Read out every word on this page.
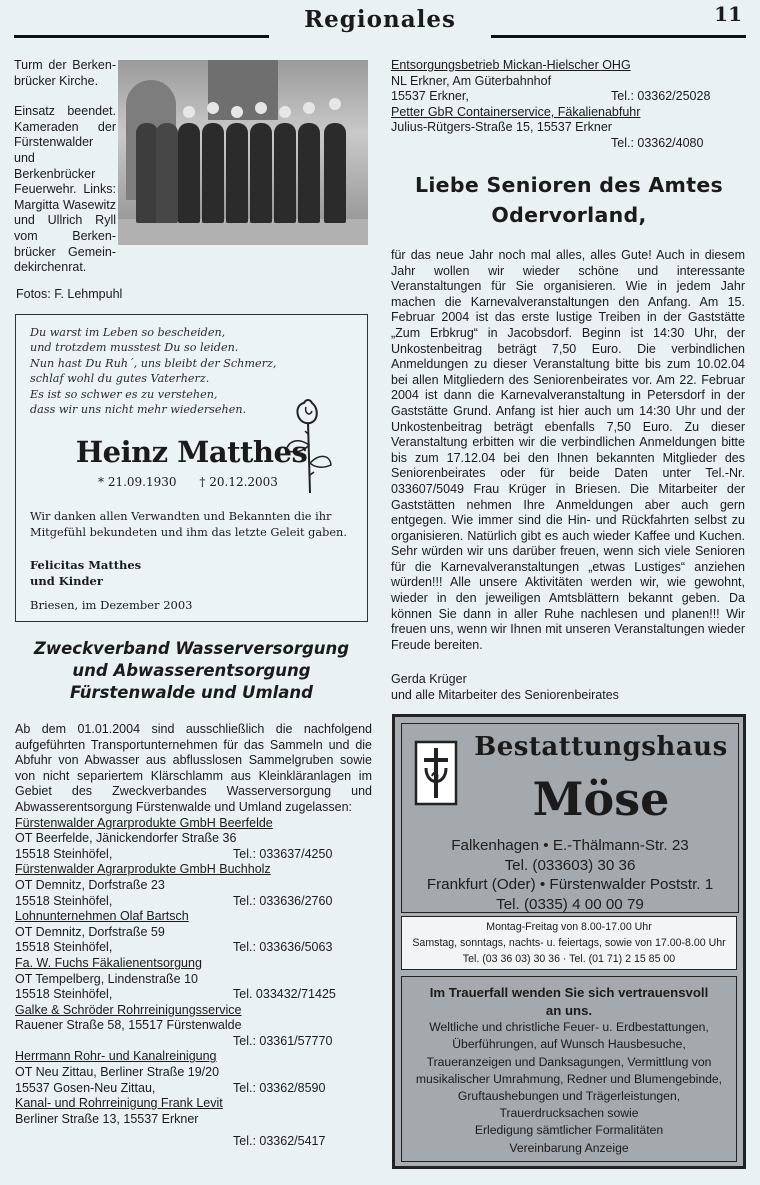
Regionales	11

Turm der Berken-brücker Kirche.

Einsatz beendet. Kameraden der Fürstenwalder und Berkenbrücker Feuerwehr. Links: Margitta Wasewitz und Ullrich Ryll vom Berken-brücker Gemein-dekirchenrat.

Fotos: F. Lehmpuhl
Du warst im Leben so bescheiden,
und trotzdem musstest Du so leiden.
Nun hast Du Ruh´, uns bleibt der Schmerz,
schlaf wohl du gutes Vaterherz.
Es ist so schwer es zu verstehen,
dass wir uns nicht mehr wiedersehen.
Heinz Matthes
* 21.09.1930 † 20.12.2003
Wir danken allen Verwandten und Bekannten die ihr Mitgefühl bekundeten und ihm das letzte Geleit gaben.
Felicitas Matthes
und Kinder
Briesen, im Dezember 2003
Zweckverband Wasserversorgung
und Abwasserentsorgung
Fürstenwalde und Umland

Ab dem 01.01.2004 sind ausschließlich die nachfolgend aufgeführten Transportunternehmen für das Sammeln und die Abfuhr von Abwasser aus abflusslosen Sammelgruben sowie von nicht separiertem Klärschlamm aus Kleinkläranlagen im Gebiet des Zweckverbandes Wasserversorgung und Abwasserentsorgung Fürstenwalde und Umland zugelassen:

Fürstenwalder Agrarprodukte GmbH Beerfelde
OT Beerfelde, Jänickendorfer Straße 36
15518 Steinhöfel,	Tel.: 033637/4250
Fürstenwalder Agrarprodukte GmbH Buchholz
OT Demnitz, Dorfstraße 23
15518 Steinhöfel,	Tel.: 033636/2760
Lohnunternehmen Olaf Bartsch
OT Demnitz, Dorfstraße 59
15518 Steinhöfel,	Tel.: 033636/5063
Fa. W. Fuchs Fäkalienentsorgung
OT Tempelberg, Lindenstraße 10
15518 Steinhöfel,	Tel. 033432/71425
Galke & Schröder Rohrreinigungsservice
Rauener Straße 58, 15517 Fürstenwalde
Tel.: 03361/57770
Herrmann Rohr- und Kanalreinigung
OT Neu Zittau, Berliner Straße 19/20
15537 Gosen-Neu Zittau,	Tel.: 03362/8590
Kanal- und Rohrreinigung Frank Levit
Berliner Straße 13, 15537 Erkner
Tel.: 03362/5417
Entsorgungsbetrieb Mickan-Hielscher OHG
NL Erkner, Am Güterbahnhof
15537 Erkner,	Tel.: 03362/25028
Petter GbR Containerservice, Fäkalienabfuhr
Julius-Rütgers-Straße 15, 15537 Erkner
Tel.: 03362/4080
Liebe Senioren des Amtes
Odervorland,

für das neue Jahr noch mal alles, alles Gute! Auch in diesem Jahr wollen wir wieder schöne und interessante Veranstaltungen für Sie organisieren. Wie in jedem Jahr machen die Karnevalveranstaltungen den Anfang. Am 15. Februar 2004 ist das erste lustige Treiben in der Gaststätte „Zum Erbkrug“ in Jacobsdorf. Beginn ist 14:30 Uhr, der Unkostenbeitrag beträgt 7,50 Euro. Die verbindlichen Anmeldungen zu dieser Veranstaltung bitte bis zum 10.02.04 bei allen Mitgliedern des Seniorenbeirates vor. Am 22. Februar 2004 ist dann die Karnevalveranstaltung in Petersdorf in der Gaststätte Grund. Anfang ist hier auch um 14:30 Uhr und der Unkostenbeitrag beträgt ebenfalls 7,50 Euro. Zu dieser Veranstaltung erbitten wir die verbindlichen Anmeldungen bitte bis zum 17.12.04 bei den Ihnen bekannten Mitglieder des Seniorenbeirates oder für beide Daten unter Tel.-Nr. 033607/5049 Frau Krüger in Briesen. Die Mitarbeiter der Gaststätten nehmen Ihre Anmeldungen aber auch gern entgegen. Wie immer sind die Hin- und Rückfahrten selbst zu organisieren. Natürlich gibt es auch wieder Kaffee und Kuchen. Sehr würden wir uns darüber freuen, wenn sich viele Senioren für die Karnevalveranstaltungen „etwas Lustiges“ anziehen würden!!! Alle unsere Aktivitäten werden wir, wie gewohnt, wieder in den jeweiligen Amtsblättern bekannt geben. Da können Sie dann in aller Ruhe nachlesen und planen!!! Wir freuen uns, wenn wir Ihnen mit unseren Veranstaltungen wieder Freude bereiten.

Gerda Krüger
und alle Mitarbeiter des Seniorenbeirates
Bestattungshaus
Möse
Falkenhagen • E.-Thälmann-Str. 23
Tel. (033603) 30 36
Frankfurt (Oder) • Fürstenwalder Poststr. 1
Tel. (0335) 4 00 00 79
Montag-Freitag von 8.00-17.00 Uhr
Samstag, sonntags, nachts- u. feiertags, sowie von 17.00-8.00 Uhr
Tel. (03 36 03) 30 36 · Tel. (01 71) 2 15 85 00
Im Trauerfall wenden Sie sich vertrauensvoll
an uns.
Weltliche und christliche Feuer- u. Erdbestattungen,
Überführungen, auf Wunsch Hausbesuche,
Traueranzeigen und Danksagungen, Vermittlung von
musikalischer Umrahmung, Redner und Blumengebinde,
Gruftaushebungen und Trägerleistungen,
Trauerdrucksachen sowie
Erledigung sämtlicher Formalitäten
Vereinbarung Anzeige
